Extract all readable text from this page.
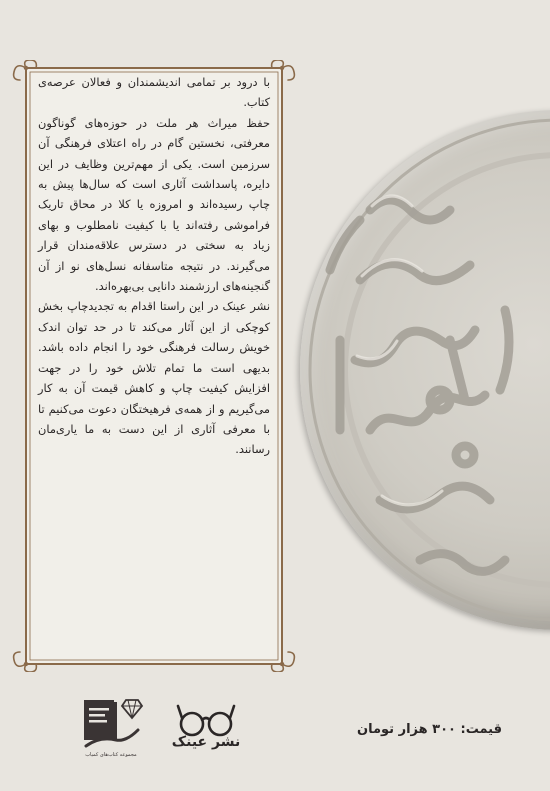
با درود بر تمامی اندیشمندان و فعالان عرصه‌ی کتاب.

حفظ میراث هر ملت در حوزه‌های گوناگون معرفتی، نخستین گام در راه اعتلای فرهنگی آن سرزمین است. یکی از مهم‌ترین وظایف در این دایره، پاسداشت آثاری است که سال‌ها پیش به چاپ رسیده‌اند و امروزه یا کلا در محاق تاریک فراموشی رفته‌اند یا با کیفیت نامطلوب و بهای زیاد به سختی در دسترس علاقه‌مندان قرار می‌گیرند. در نتیجه متاسفانه نسل‌های نو از آن گنجینه‌های ارزشمند دانایی بی‌بهره‌اند.

نشر عینک در این راستا اقدام به تجدیدچاپ بخش کوچکی از این آثار می‌کند تا در حد توان اندک خویش رسالت فرهنگی خود را انجام داده باشد. بدیهی است ما تمام تلاش خود را در جهت افزایش کیفیت چاپ و کاهش قیمت آن به کار می‌گیریم و از همه‌ی فرهیختگان دعوت می‌کنیم تا با معرفی آثاری از این دست به ما یاری‌مان رسانند.

قیمت: ۳۰۰ هزار تومان
نشر عینک
مجموعه کتاب‌های کمیاب
